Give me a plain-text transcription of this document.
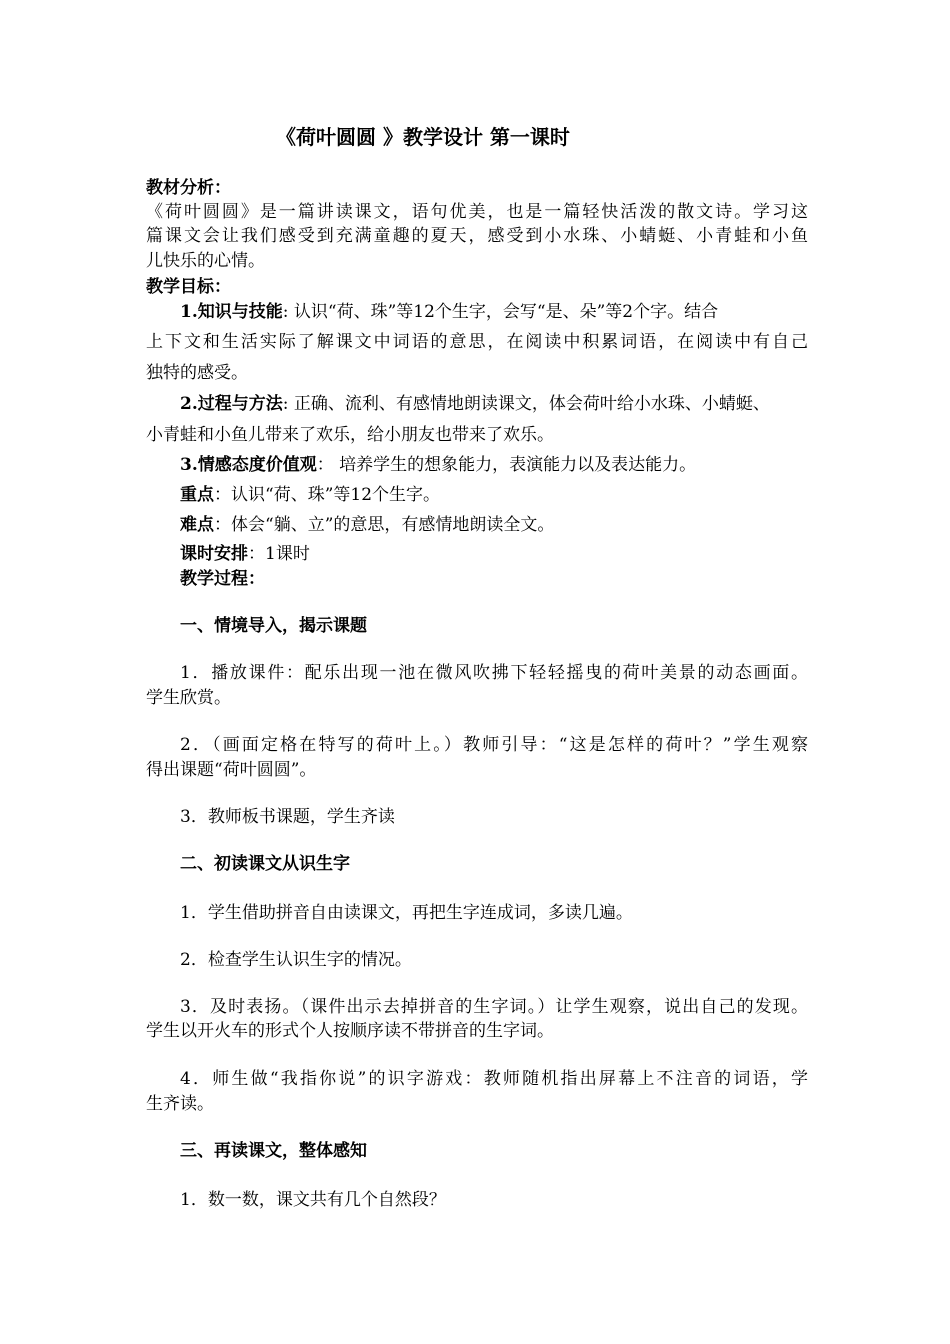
《荷叶圆圆 》教学设计 第一课时
教材分析：
《荷叶圆圆》是一篇讲读课文，语句优美，也是一篇轻快活泼的散文诗。学习这
篇课文会让我们感受到充满童趣的夏天，感受到小水珠、小蜻蜓、小青蛙和小鱼
儿快乐的心情。
教学目标：
1.知识与技能: 认识“荷、珠”等12个生字，会写“是、朵”等2个字。结合
上下文和生活实际了解课文中词语的意思，在阅读中积累词语，在阅读中有自己
独特的感受。
2.过程与方法: 正确、流利、有感情地朗读课文，体会荷叶给小水珠、小蜻蜓、
小青蛙和小鱼儿带来了欢乐，给小朋友也带来了欢乐。
3.情感态度价值观： 培养学生的想象能力，表演能力以及表达能力。
重点：认识“荷、珠”等12个生字。
难点：体会“躺、立”的意思，有感情地朗读全文。
课时安排：1课时
教学过程：
一、情境导入，揭示课题
1．播放课件：配乐出现一池在微风吹拂下轻轻摇曳的荷叶美景的动态画面。
学生欣赏。
2．（画面定格在特写的荷叶上。）教师引导：“这是怎样的荷叶？”学生观察
得出课题“荷叶圆圆”。
3．教师板书课题，学生齐读
二、初读课文从识生字
1．学生借助拼音自由读课文，再把生字连成词，多读几遍。
2．检查学生认识生字的情况。
3．及时表扬。（课件出示去掉拼音的生字词。）让学生观察，说出自己的发现。
学生以开火车的形式个人按顺序读不带拼音的生字词。
4．师生做“我指你说”的识字游戏：教师随机指出屏幕上不注音的词语，学
生齐读。
三、再读课文，整体感知
1．数一数，课文共有几个自然段？
